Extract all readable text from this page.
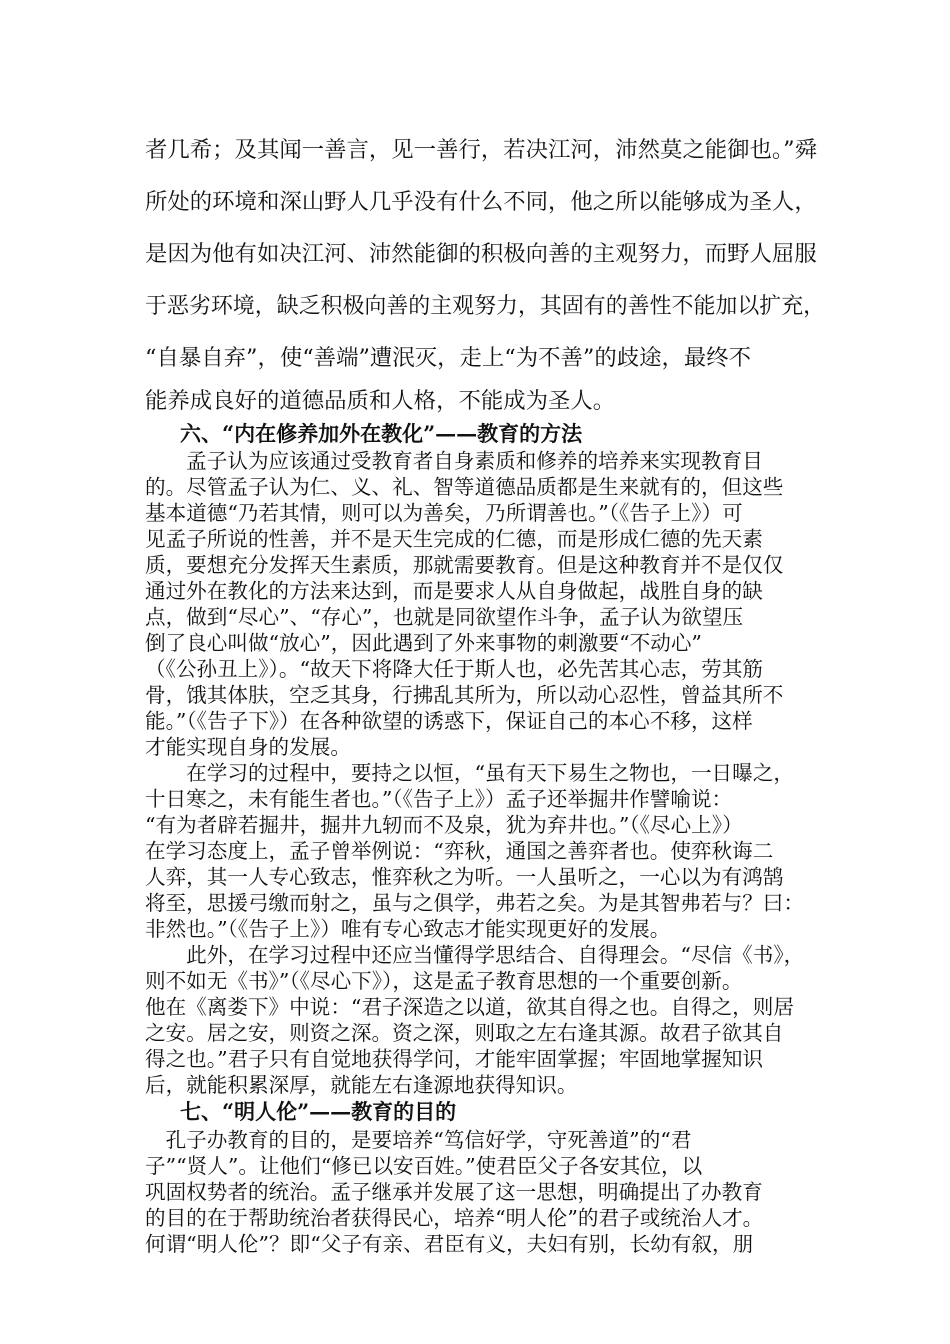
者几希；及其闻一善言，见一善行，若决江河，沛然莫之能御也。”舜

所处的环境和深山野人几乎没有什么不同，他之所以能够成为圣人，

是因为他有如决江河、沛然能御的积极向善的主观努力，而野人屈服

于恶劣环境，缺乏积极向善的主观努力，其固有的善性不能加以扩充，

“自暴自弃”，使“善端”遭泯灭，走上“为不善”的歧途，最终不

能养成良好的道德品质和人格，不能成为圣人。

六、“内在修养加外在教化”——教育的方法

　　孟子认为应该通过受教育者自身素质和修养的培养来实现教育目

的。尽管孟子认为仁、义、礼、智等道德品质都是生来就有的，但这些

基本道德“乃若其情，则可以为善矣，乃所谓善也。”（《告子上》）可

见孟子所说的性善，并不是天生完成的仁德，而是形成仁德的先天素

质，要想充分发挥天生素质，那就需要教育。但是这种教育并不是仅仅

通过外在教化的方法来达到，而是要求人从自身做起，战胜自身的缺

点，做到“尽心”、“存心”，也就是同欲望作斗争，孟子认为欲望压

倒了良心叫做“放心”，因此遇到了外来事物的刺激要“不动心”

（《公孙丑上》）。“故天下将降大任于斯人也，必先苦其心志，劳其筋

骨，饿其体肤，空乏其身，行拂乱其所为，所以动心忍性，曾益其所不

能。”（《告子下》）在各种欲望的诱惑下，保证自己的本心不移，这样

才能实现自身的发展。

　　在学习的过程中，要持之以恒，“虽有天下易生之物也，一日曝之，

十日寒之，未有能生者也。”（《告子上》）孟子还举掘井作譬喻说：

“有为者辟若掘井，掘井九轫而不及泉，犹为弃井也。”（《尽心上》）

在学习态度上，孟子曾举例说：“弈秋，通国之善弈者也。使弈秋诲二

人弈，其一人专心致志，惟弈秋之为听。一人虽听之，一心以为有鸿鹄

将至，思援弓缴而射之，虽与之俱学，弗若之矣。为是其智弗若与？曰：

非然也。”（《告子上》）唯有专心致志才能实现更好的发展。

　　此外，在学习过程中还应当懂得学思结合、自得理会。“尽信《书》，

则不如无《书》”（《尽心下》），这是孟子教育思想的一个重要创新。

他在《离娄下》中说：“君子深造之以道，欲其自得之也。自得之，则居

之安。居之安，则资之深。资之深，则取之左右逢其源。故君子欲其自

得之也。”君子只有自觉地获得学问，才能牢固掌握；牢固地掌握知识

后，就能积累深厚，就能左右逢源地获得知识。

七、“明人伦”——教育的目的

　孔子办教育的目的，是要培养“笃信好学，守死善道”的“君

子”“贤人”。让他们“修已以安百姓。”使君臣父子各安其位，以

巩固权势者的统治。孟子继承并发展了这一思想，明确提出了办教育

的目的在于帮助统治者获得民心，培养“明人伦”的君子或统治人才。

何谓“明人伦”？即“父子有亲、君臣有义，夫妇有别，长幼有叙，朋
